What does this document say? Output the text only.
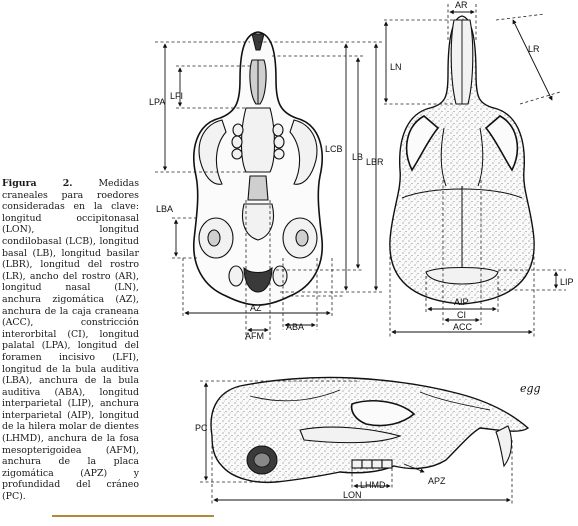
Figura 2.	Medidas craneales para roedores consideradas en la clave: longitud occipitonasal (LON), longitud condilobasal (LCB), longitud basal (LB), longitud basilar (LBR), longitud del rostro (LR), ancho del rostro (AR), longitud nasal (LN), anchura zigomática (AZ), anchura de la caja craneana (ACC), constricción interorbital (CI), longitud palatal (LPA), longitud del foramen incisivo (LFI), longitud de la bula auditiva (LBA), anchura de la bula auditiva (ABA), longitud interparietal (LIP), anchura interparietal (AIP), longitud de la hilera molar de dientes (LHMD), anchura de la fosa mesopterigoidea (AFM), anchura de la placa zigomática (APZ) y profundidad del cráneo (PC).
LPA
LFI
LCB
LB LBR
LBA
AZ
ABA
AFM
AR
LR
LN
LIP
AIP
CI
ACC
PC
LHMD	APZ
LON
egg
